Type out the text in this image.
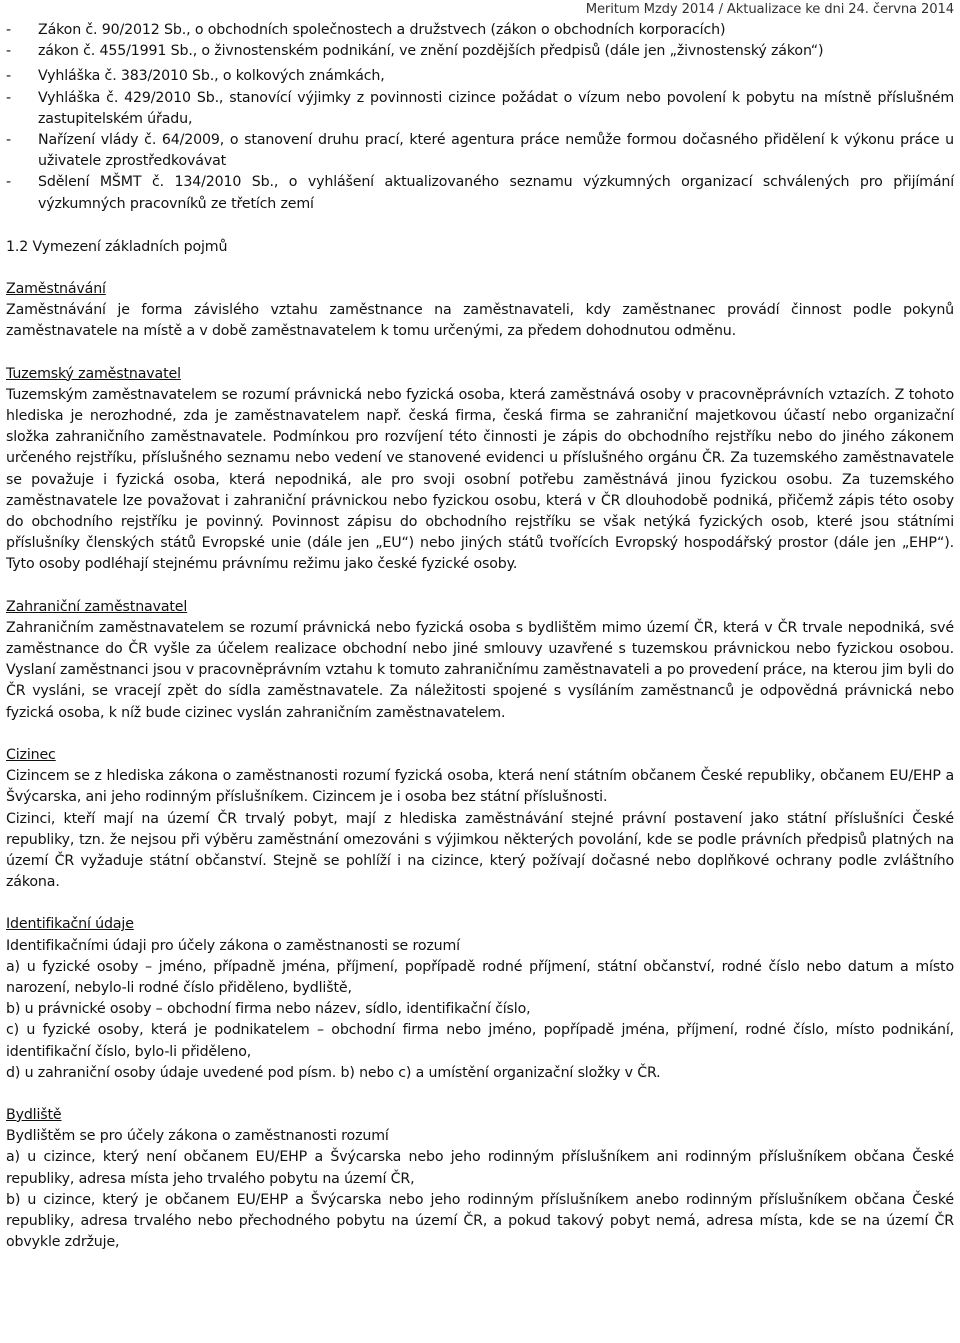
Meritum Mzdy 2014 / Aktualizace ke dni 24. června 2014

- Zákon č. 90/2012 Sb., o obchodních společnostech a družstvech (zákon o obchodních korporacích)

- zákon č. 455/1991 Sb., o živnostenském podnikání, ve znění pozdějších předpisů (dále jen „živnostenský zákon“)

- Vyhláška č. 383/2010 Sb., o kolkových známkách,

- Vyhláška č. 429/2010 Sb., stanovící výjimky z povinnosti cizince požádat o vízum nebo povolení k pobytu na místně příslušném zastupitelském úřadu,

- Nařízení vlády č. 64/2009, o stanovení druhu prací, které agentura práce nemůže formou dočasného přidělení k výkonu práce u uživatele zprostředkovávat

- Sdělení MŠMT č. 134/2010 Sb., o vyhlášení aktualizovaného seznamu výzkumných organizací schválených pro přijímání výzkumných pracovníků ze třetích zemí

1.2 Vymezení základních pojmů

Zaměstnávání

Zaměstnávání je forma závislého vztahu zaměstnance na zaměstnavateli, kdy zaměstnanec provádí činnost podle pokynů zaměstnavatele na místě a v době zaměstnavatelem k tomu určenými, za předem dohodnutou odměnu.

Tuzemský zaměstnavatel

Tuzemským zaměstnavatelem se rozumí právnická nebo fyzická osoba, která zaměstnává osoby v pracovněprávních vztazích. Z tohoto hlediska je nerozhodné, zda je zaměstnavatelem např. česká firma, česká firma se zahraniční majetkovou účastí nebo organizační složka zahraničního zaměstnavatele. Podmínkou pro rozvíjení této činnosti je zápis do obchodního rejstříku nebo do jiného zákonem určeného rejstříku, příslušného seznamu nebo vedení ve stanovené evidenci u příslušného orgánu ČR. Za tuzemského zaměstnavatele se považuje i fyzická osoba, která nepodniká, ale pro svoji osobní potřebu zaměstnává jinou fyzickou osobu. Za tuzemského zaměstnavatele lze považovat i zahraniční právnickou nebo fyzickou osobu, která v ČR dlouhodobě podniká, přičemž zápis této osoby do obchodního rejstříku je povinný. Povinnost zápisu do obchodního rejstříku se však netýká fyzických osob, které jsou státními příslušníky členských států Evropské unie (dále jen „EU“) nebo jiných států tvořících Evropský hospodářský prostor (dále jen „EHP“). Tyto osoby podléhají stejnému právnímu režimu jako české fyzické osoby.

Zahraniční zaměstnavatel

Zahraničním zaměstnavatelem se rozumí právnická nebo fyzická osoba s bydlištěm mimo území ČR, která v ČR trvale nepodniká, své zaměstnance do ČR vyšle za účelem realizace obchodní nebo jiné smlouvy uzavřené s tuzemskou právnickou nebo fyzickou osobou. Vyslaní zaměstnanci jsou v pracovněprávním vztahu k tomuto zahraničnímu zaměstnavateli a po provedení práce, na kterou jim byli do ČR vysláni, se vracejí zpět do sídla zaměstnavatele. Za náležitosti spojené s vysíláním zaměstnanců je odpovědná právnická nebo fyzická osoba, k níž bude cizinec vyslán zahraničním zaměstnavatelem.

Cizinec

Cizincem se z hlediska zákona o zaměstnanosti rozumí fyzická osoba, která není státním občanem České republiky, občanem EU/EHP a Švýcarska, ani jeho rodinným příslušníkem. Cizincem je i osoba bez státní příslušnosti.

Cizinci, kteří mají na území ČR trvalý pobyt, mají z hlediska zaměstnávání stejné právní postavení jako státní příslušníci České republiky, tzn. že nejsou při výběru zaměstnání omezováni s výjimkou některých povolání, kde se podle právních předpisů platných na území ČR vyžaduje státní občanství. Stejně se pohlíží i na cizince, který požívají dočasné nebo doplňkové ochrany podle zvláštního zákona.

Identifikační údaje

Identifikačními údaji pro účely zákona o zaměstnanosti se rozumí

a) u fyzické osoby – jméno, případně jména, příjmení, popřípadě rodné příjmení, státní občanství, rodné číslo nebo datum a místo narození, nebylo-li rodné číslo přiděleno, bydliště,

b) u právnické osoby – obchodní firma nebo název, sídlo, identifikační číslo,

c) u fyzické osoby, která je podnikatelem – obchodní firma nebo jméno, popřípadě jména, příjmení, rodné číslo, místo podnikání, identifikační číslo, bylo-li přiděleno,

d) u zahraniční osoby údaje uvedené pod písm. b) nebo c) a umístění organizační složky v ČR.

Bydliště

Bydlištěm se pro účely zákona o zaměstnanosti rozumí

a) u cizince, který není občanem EU/EHP a Švýcarska nebo jeho rodinným příslušníkem ani rodinným příslušníkem občana České republiky, adresa místa jeho trvalého pobytu na území ČR,

b) u cizince, který je občanem EU/EHP a Švýcarska nebo jeho rodinným příslušníkem anebo rodinným příslušníkem občana České republiky, adresa trvalého nebo přechodného pobytu na území ČR, a pokud takový pobyt nemá, adresa místa, kde se na území ČR obvykle zdržuje,
